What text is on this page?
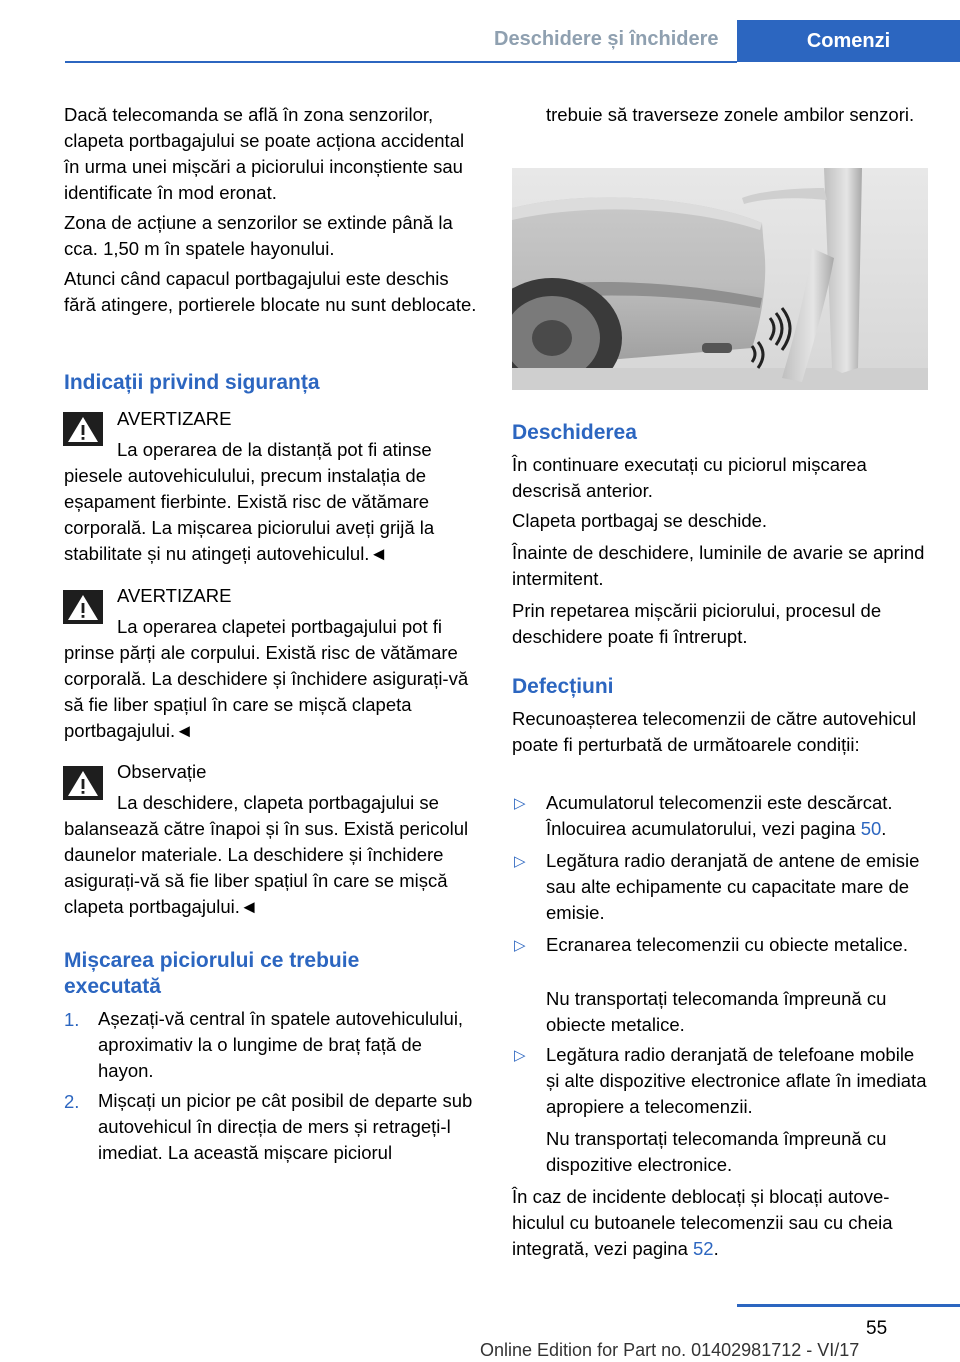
Deschidere și închidere	Comenzi

Dacă telecomanda se află în zona senzorilor, clapeta portbagajului se poate acționa accidental în urma unei mișcări a piciorului inconștiente sau identificate în mod eronat.

Zona de acțiune a senzorilor se extinde până la cca. 1,50 m în spatele hayonului.

Atunci când capacul portbagajului este deschis fără atingere, portierele blocate nu sunt deblocate.

Indicații privind siguranța

AVERTIZARE

La operarea de la distanță pot fi atinse piesele autovehiculului, precum instalația de eșapament fierbinte. Există risc de vătămare corporală. La mișcarea piciorului aveți grijă la stabilitate și nu atingeți autovehiculul.◄

AVERTIZARE

La operarea clapetei portbagajului pot fi prinse părți ale corpului. Există risc de vătămare corporală. La deschidere și închidere asigurați-vă să fie liber spațiul în care se mișcă clapeta portbagajului.◄

Observație

La deschidere, clapeta portbagajului se balansează către înapoi și în sus. Există pericolul daunelor materiale. La deschidere și închidere asigurați-vă să fie liber spațiul în care se mișcă clapeta portbagajului.◄

Mișcarea piciorului ce trebuie executată
1. Așezați-vă central în spatele autovehiculului, aproximativ la o lungime de braț față de hayon.

2. Mișcați un picior pe cât posibil de departe sub autovehicul în direcția de mers și retrageți-l imediat. La această mișcare piciorul

trebuie să traverseze zonele ambilor senzori.

Deschiderea

În continuare executați cu piciorul mișcarea descrisă anterior.

Clapeta portbagaj se deschide.

Înainte de deschidere, luminile de avarie se aprind intermitent.

Prin repetarea mișcării piciorului, procesul de deschidere poate fi întrerupt.

Defecțiuni

Recunoașterea telecomenzii de către autovehicul poate fi perturbată de următoarele condiții:

▷ Acumulatorul telecomenzii este descărcat. Înlocuirea acumulatorului, vezi pagina 50.

▷ Legătura radio deranjată de antene de emisie sau alte echipamente cu capacitate mare de emisie.

▷ Ecranarea telecomenzii cu obiecte metalice.

Nu transportați telecomanda împreună cu obiecte metalice.

▷ Legătura radio deranjată de telefoane mobile și alte dispozitive electronice aflate în imediata apropiere a telecomenzii.

Nu transportați telecomanda împreună cu dispozitive electronice.

În caz de incidente deblocați și blocați autovehiculul cu butoanele telecomenzii sau cu cheia integrată, vezi pagina 52.

55
Online Edition for Part no. 01402981712 - VI/17
